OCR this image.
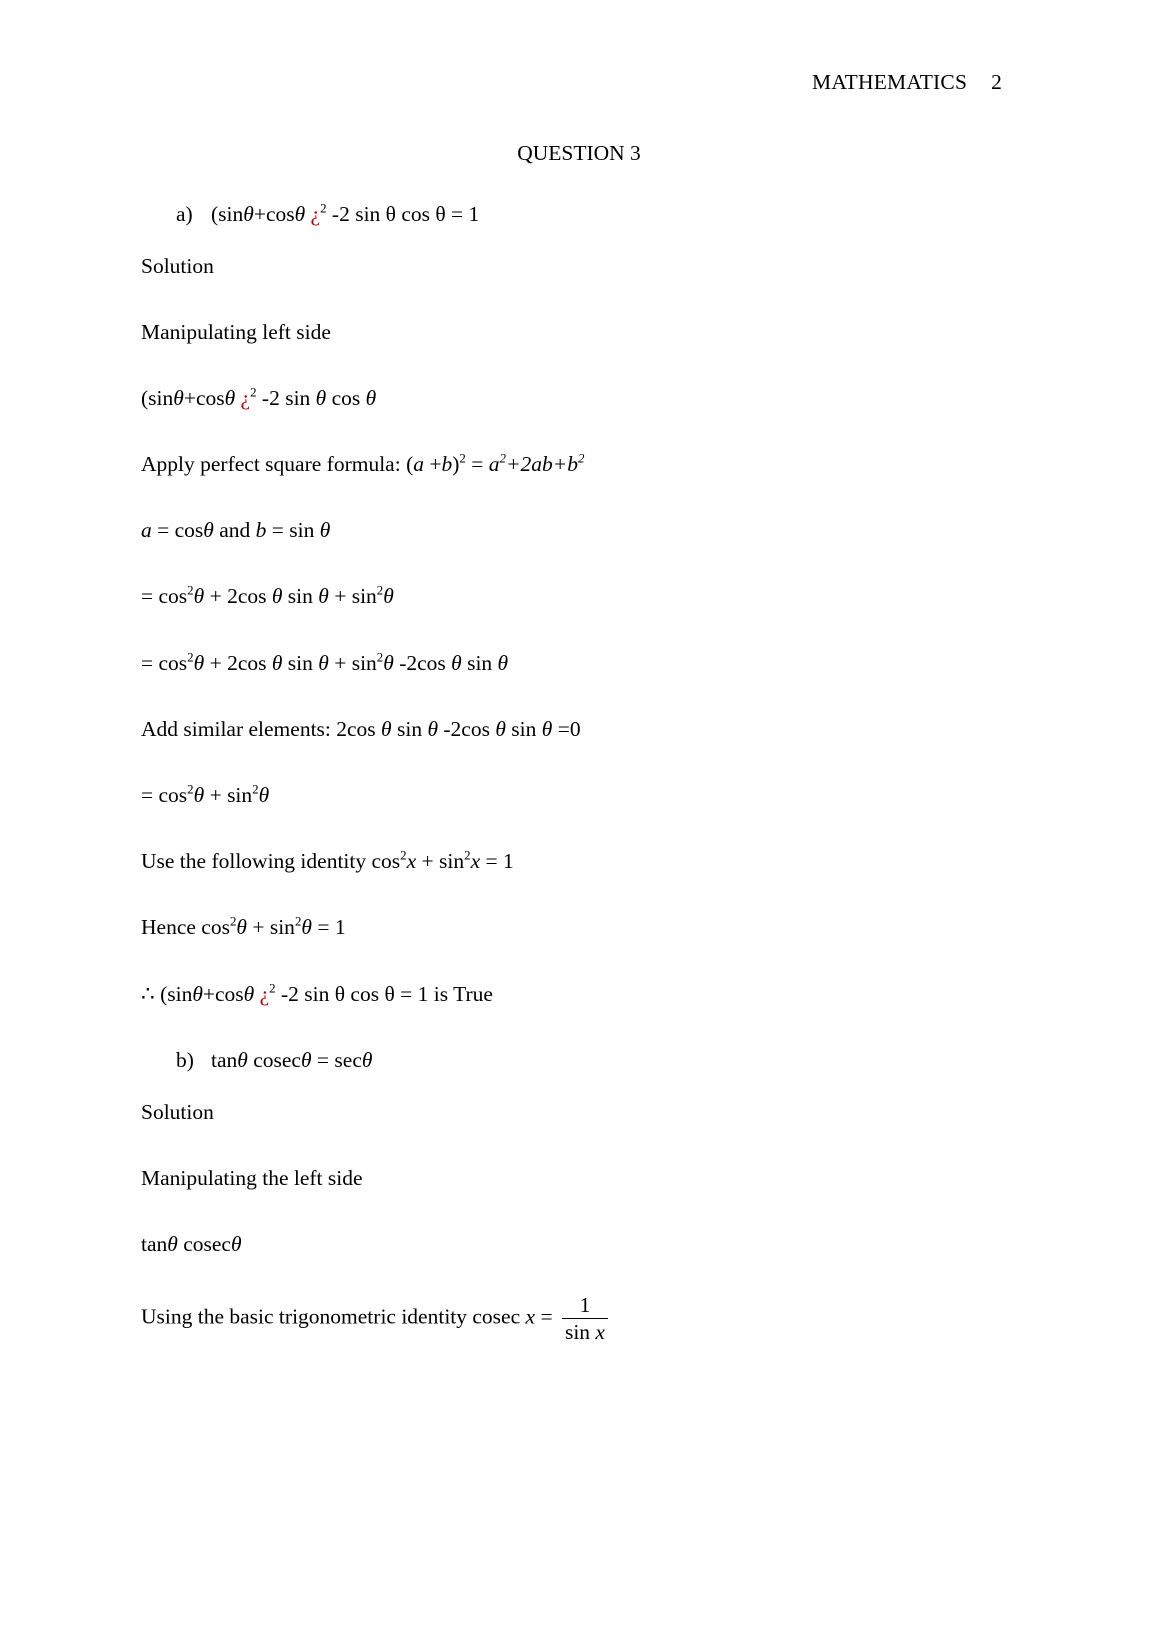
MATHEMATICS 2
QUESTION 3
a) (sinθ+cosθ ¿$^2$ -2 sin θ cos θ = 1
Solution
Manipulating left side
(sinθ+cosθ ¿$^2$ -2 sin θ cos θ
Apply perfect square formula: $(a +b)^2 = a^2+2ab+b^2$
a = cosθ and b = sin θ
= $\cos^2\theta + 2\cos$ θ $\sin \theta + \sin^2\theta$
= $\cos^2\theta + 2\cos$ θ $\sin \theta + \sin^2\theta$ -2cos θ sin θ
Add similar elements: 2cos θ sin θ -2cos θ sin θ =0
= $\cos^2\theta + \sin^2\theta$
Use the following identity $\cos^2x + \sin^2x = 1$
Hence $\cos^2\theta + \sin^2\theta = 1$
∴ (sinθ+cosθ ¿$^2$ -2 sin θ cos θ = 1 is True
b) tanθ cosecθ = secθ
Solution
Manipulating the left side
tanθ cosecθ
Using the basic trigonometric identity cosec $x = \frac{1}{\text{sin x}}$
